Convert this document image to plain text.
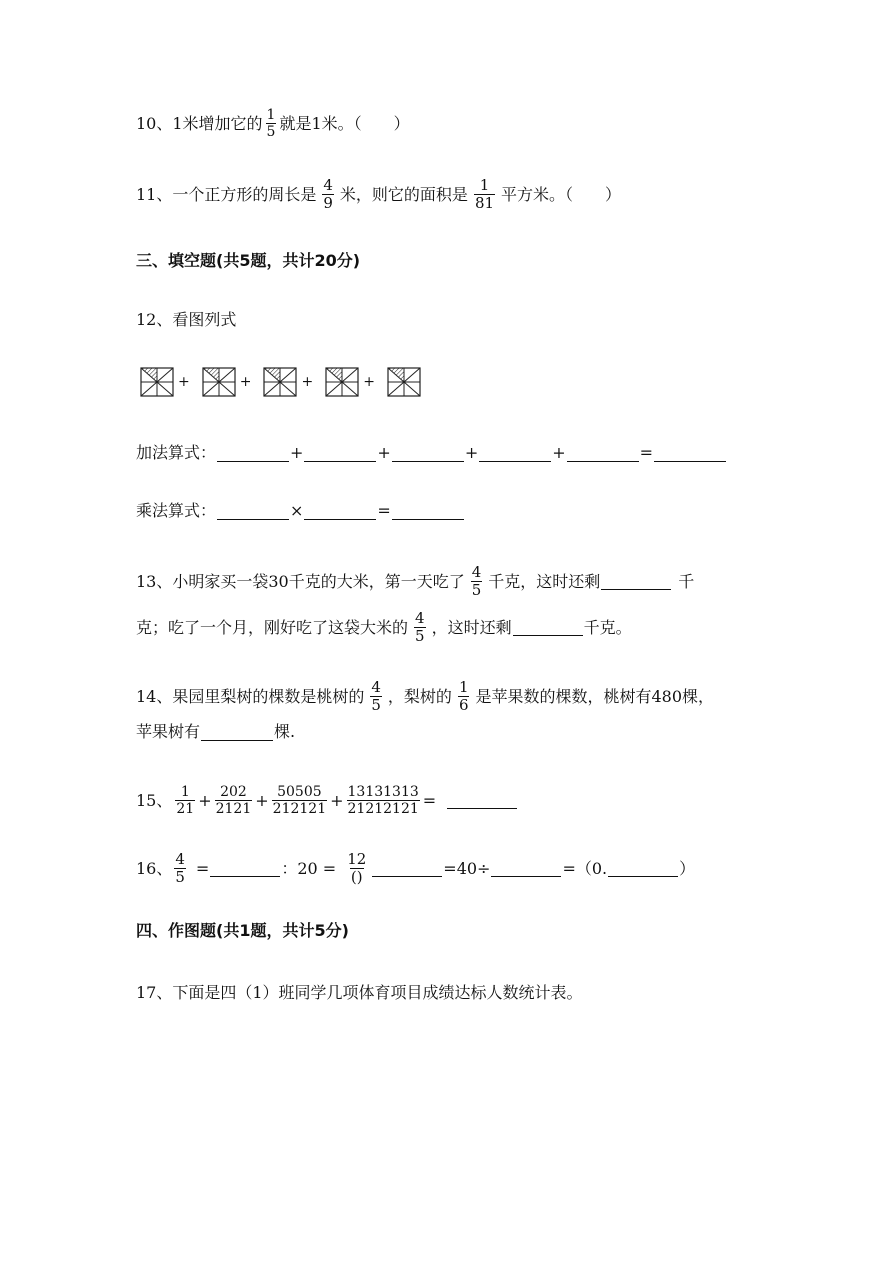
10、1米增加它的 $\frac{1}{5}$ 就是1米。（　　）
11、一个正方形的周长是 $\frac{4}{9}$ 米，则它的面积是 $\frac{1}{81}$ 平方米。（　　）
三、填空题(共5题，共计20分)
12、看图列式
+	+	+	+
加法算式：	+	+	+	+	=
乘法算式：	×	=
13、小明家买一袋30千克的大米，第一天吃了 $\frac{4}{5}$ 千克，这时还剩	千
克；吃了一个月，刚好吃了这袋大米的 $\frac{4}{5}$ ，这时还剩	千克。
14、果园里梨树的棵数是桃树的 $\frac{4}{5}$ ，梨树的 $\frac{1}{6}$ 是苹果数的棵数，桃树有480棵，
苹果树有	棵.
15、 $\frac{1}{21} + \frac{202}{2121} + \frac{50505}{212121} + \frac{13131313}{21212121}$ =
16、 $\frac{4}{5}$ =	：$20 = \frac{12}{()}$	=40÷	=（0.	）
四、作图题(共1题，共计5分)
17、下面是四（1）班同学几项体育项目成绩达标人数统计表。
